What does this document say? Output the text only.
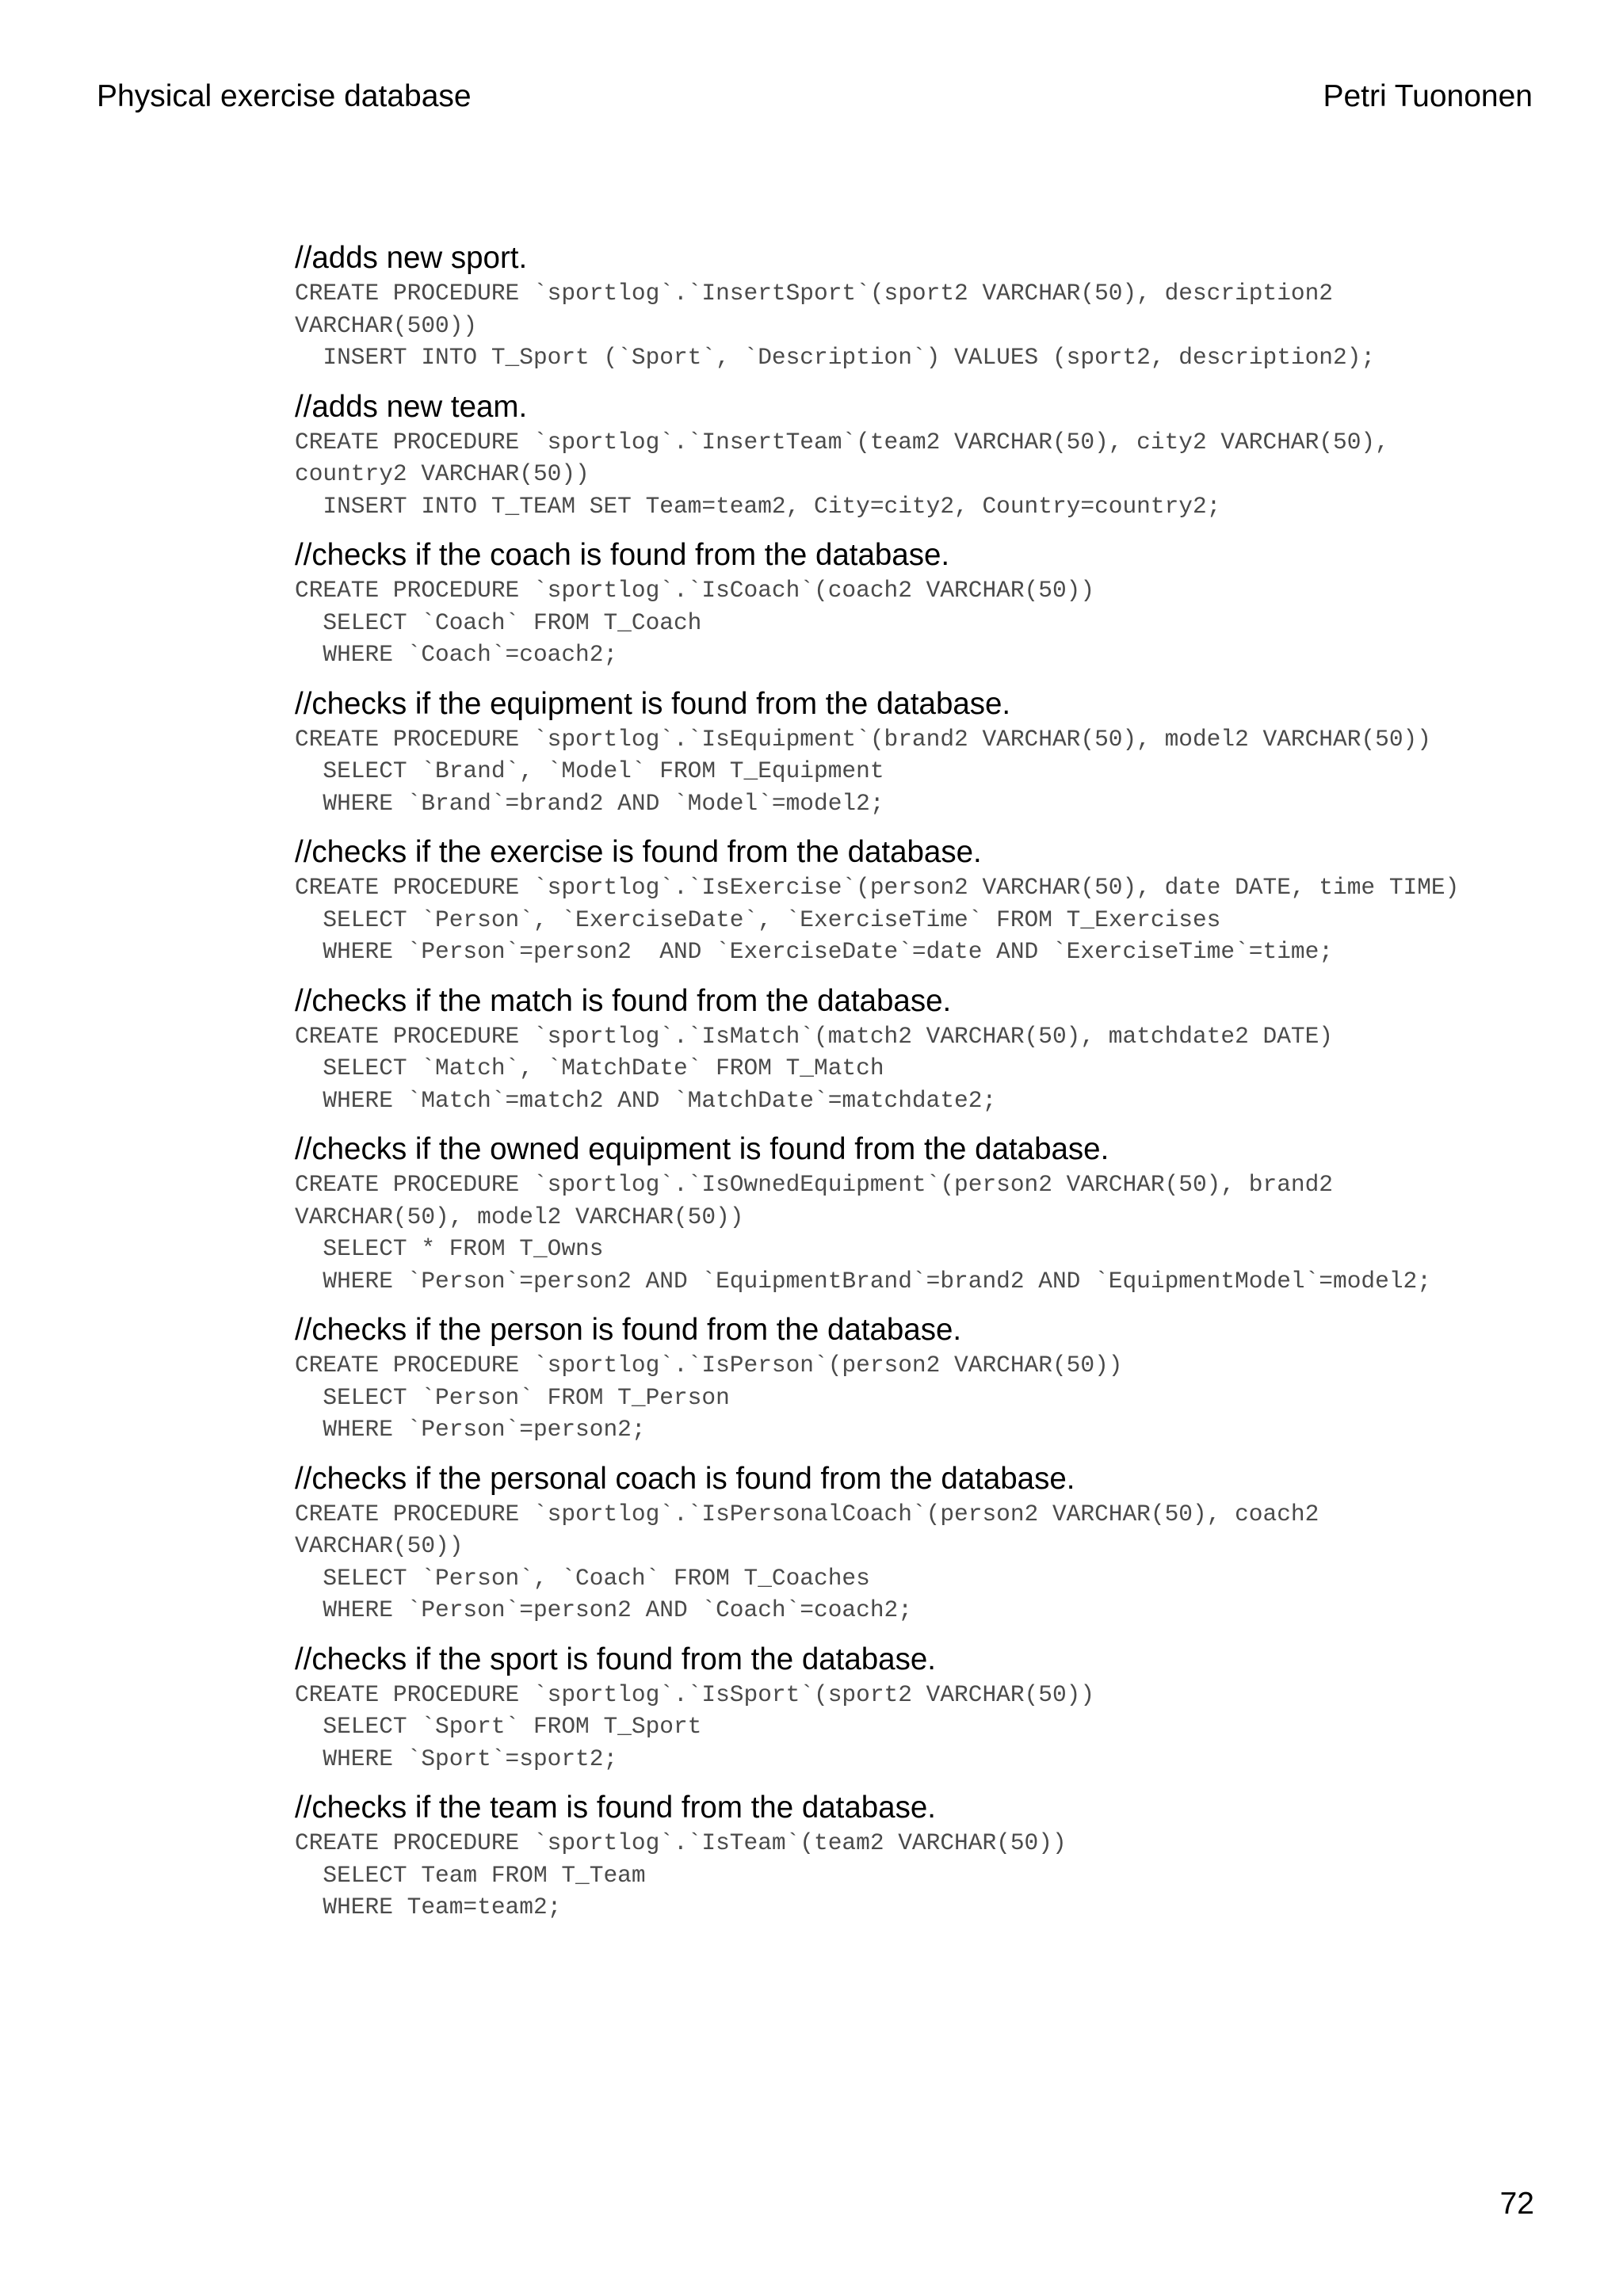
Physical exercise database	Petri Tuononen
//adds new sport.
CREATE PROCEDURE `sportlog`.`InsertSport`(sport2 VARCHAR(50), description2
VARCHAR(500))
INSERT INTO T_Sport (`Sport`, `Description`) VALUES (sport2, description2);
//adds new team.
CREATE PROCEDURE `sportlog`.`InsertTeam`(team2 VARCHAR(50), city2 VARCHAR(50),
country2 VARCHAR(50))
INSERT INTO T_TEAM SET Team=team2, City=city2, Country=country2;
//checks if the coach is found from the database.
CREATE PROCEDURE `sportlog`.`IsCoach`(coach2 VARCHAR(50))
SELECT `Coach` FROM T_Coach
WHERE `Coach`=coach2;
//checks if the equipment is found from the database.
CREATE PROCEDURE `sportlog`.`IsEquipment`(brand2 VARCHAR(50), model2 VARCHAR(50))
SELECT `Brand`, `Model` FROM T_Equipment
WHERE `Brand`=brand2 AND `Model`=model2;
//checks if the exercise is found from the database.
CREATE PROCEDURE `sportlog`.`IsExercise`(person2 VARCHAR(50), date DATE, time TIME)
SELECT `Person`, `ExerciseDate`, `ExerciseTime` FROM T_Exercises
WHERE `Person`=person2  AND `ExerciseDate`=date AND `ExerciseTime`=time;
//checks if the match is found from the database.
CREATE PROCEDURE `sportlog`.`IsMatch`(match2 VARCHAR(50), matchdate2 DATE)
SELECT `Match`, `MatchDate` FROM T_Match
WHERE `Match`=match2 AND `MatchDate`=matchdate2;
//checks if the owned equipment is found from the database.
CREATE PROCEDURE `sportlog`.`IsOwnedEquipment`(person2 VARCHAR(50), brand2
VARCHAR(50), model2 VARCHAR(50))
SELECT * FROM T_Owns
WHERE `Person`=person2 AND `EquipmentBrand`=brand2 AND `EquipmentModel`=model2;
//checks if the person is found from the database.
CREATE PROCEDURE `sportlog`.`IsPerson`(person2 VARCHAR(50))
SELECT `Person` FROM T_Person
WHERE `Person`=person2;
//checks if the personal coach is found from the database.
CREATE PROCEDURE `sportlog`.`IsPersonalCoach`(person2 VARCHAR(50), coach2
VARCHAR(50))
SELECT `Person`, `Coach` FROM T_Coaches
WHERE `Person`=person2 AND `Coach`=coach2;
//checks if the sport is found from the database.
CREATE PROCEDURE `sportlog`.`IsSport`(sport2 VARCHAR(50))
SELECT `Sport` FROM T_Sport
WHERE `Sport`=sport2;
//checks if the team is found from the database.
CREATE PROCEDURE `sportlog`.`IsTeam`(team2 VARCHAR(50))
SELECT Team FROM T_Team
WHERE Team=team2;
72
